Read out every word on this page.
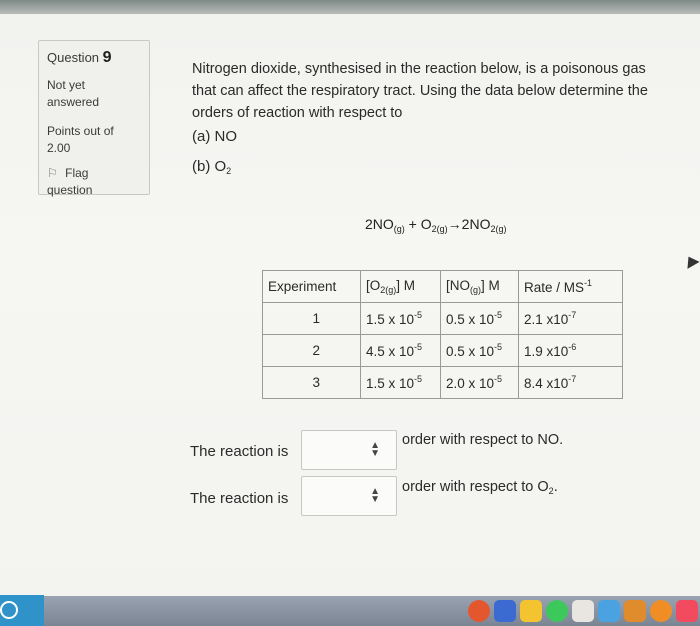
Question 9
Not yet
answered
Points out of
2.00
⚐ Flag
question
Nitrogen dioxide, synthesised in the reaction below, is a poisonous gas that can affect the respiratory tract. Using the data below determine the orders of reaction with respect to
(a) NO
(b) $O_2$
$2NO_{(g)} + O_{2(g)}\to 2NO_{2(g)}$
Experiment	$[O_{2(g)}]$ M	$[NO_{(g)}]$ M	Rate / $MS^{-1}$
1	1.5 x $10^{-5}$	0.5 x $10^{-5}$	2.1 $x10^{-7}$
2	4.5 x $10^{-5}$	0.5 x $10^{-5}$	1.9 $x10^{-6}$
3	1.5 x $10^{-5}$	2.0 x $10^{-5}$	8.4 $x10^{-7}$
The reaction is	▲
▼
order with respect to NO.
The reaction is	▲
▼
order with respect to $O_2$.
